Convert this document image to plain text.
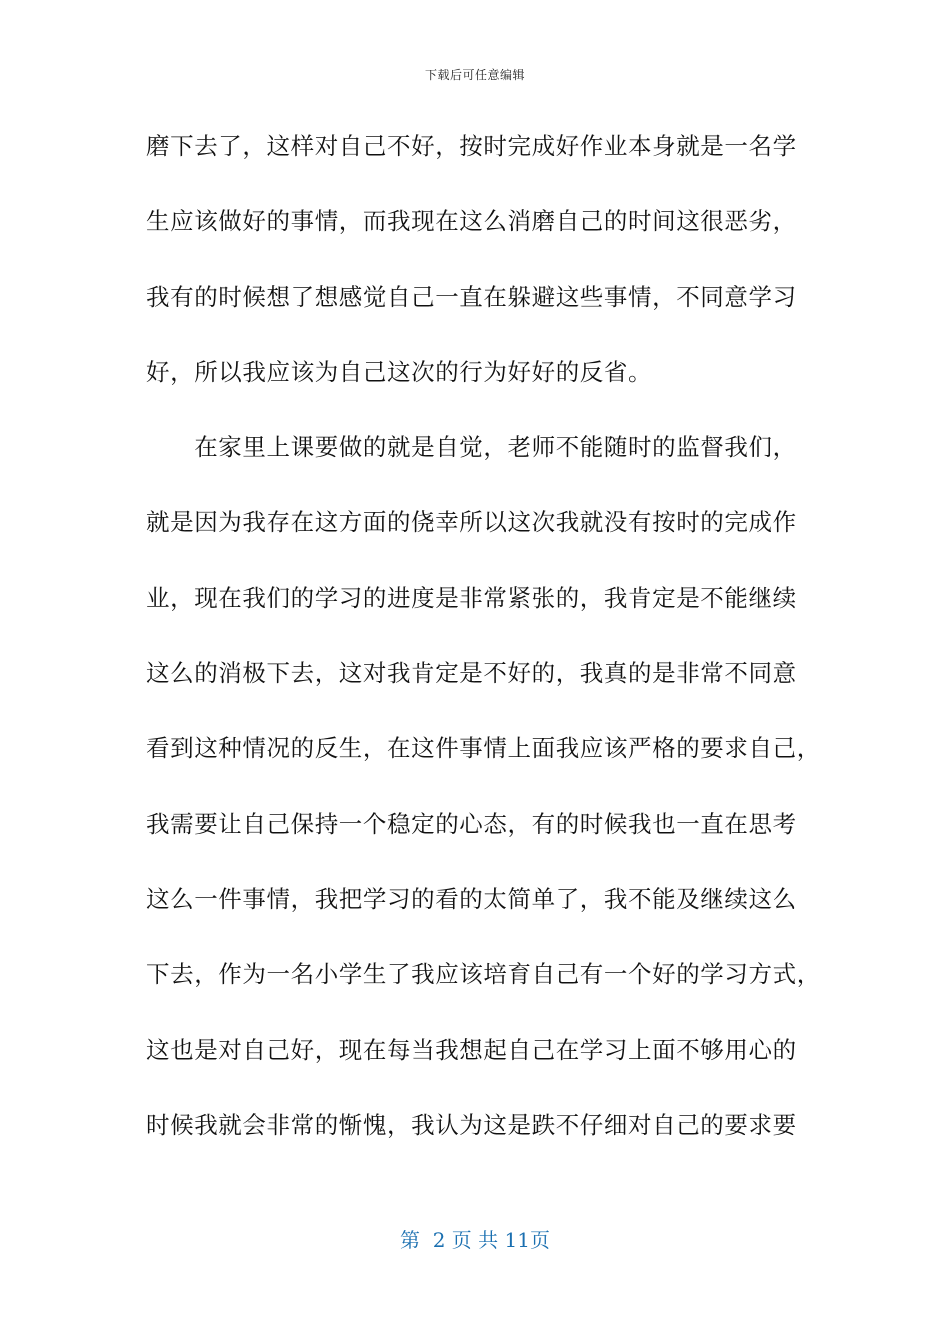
下载后可任意编辑
磨下去了，这样对自己不好，按时完成好作业本身就是一名学
生应该做好的事情，而我现在这么消磨自己的时间这很恶劣，
我有的时候想了想感觉自己一直在躲避这些事情，不同意学习
好，所以我应该为自己这次的行为好好的反省。
　　在家里上课要做的就是自觉，老师不能随时的监督我们，
就是因为我存在这方面的侥幸所以这次我就没有按时的完成作
业，现在我们的学习的进度是非常紧张的，我肯定是不能继续
这么的消极下去，这对我肯定是不好的，我真的是非常不同意
看到这种情况的反生，在这件事情上面我应该严格的要求自己，
我需要让自己保持一个稳定的心态，有的时候我也一直在思考
这么一件事情，我把学习的看的太简单了，我不能及继续这么
下去，作为一名小学生了我应该培育自己有一个好的学习方式，
这也是对自己好，现在每当我想起自己在学习上面不够用心的
时候我就会非常的惭愧，我认为这是跌不仔细对自己的要求要
第  2 页 共 11页
